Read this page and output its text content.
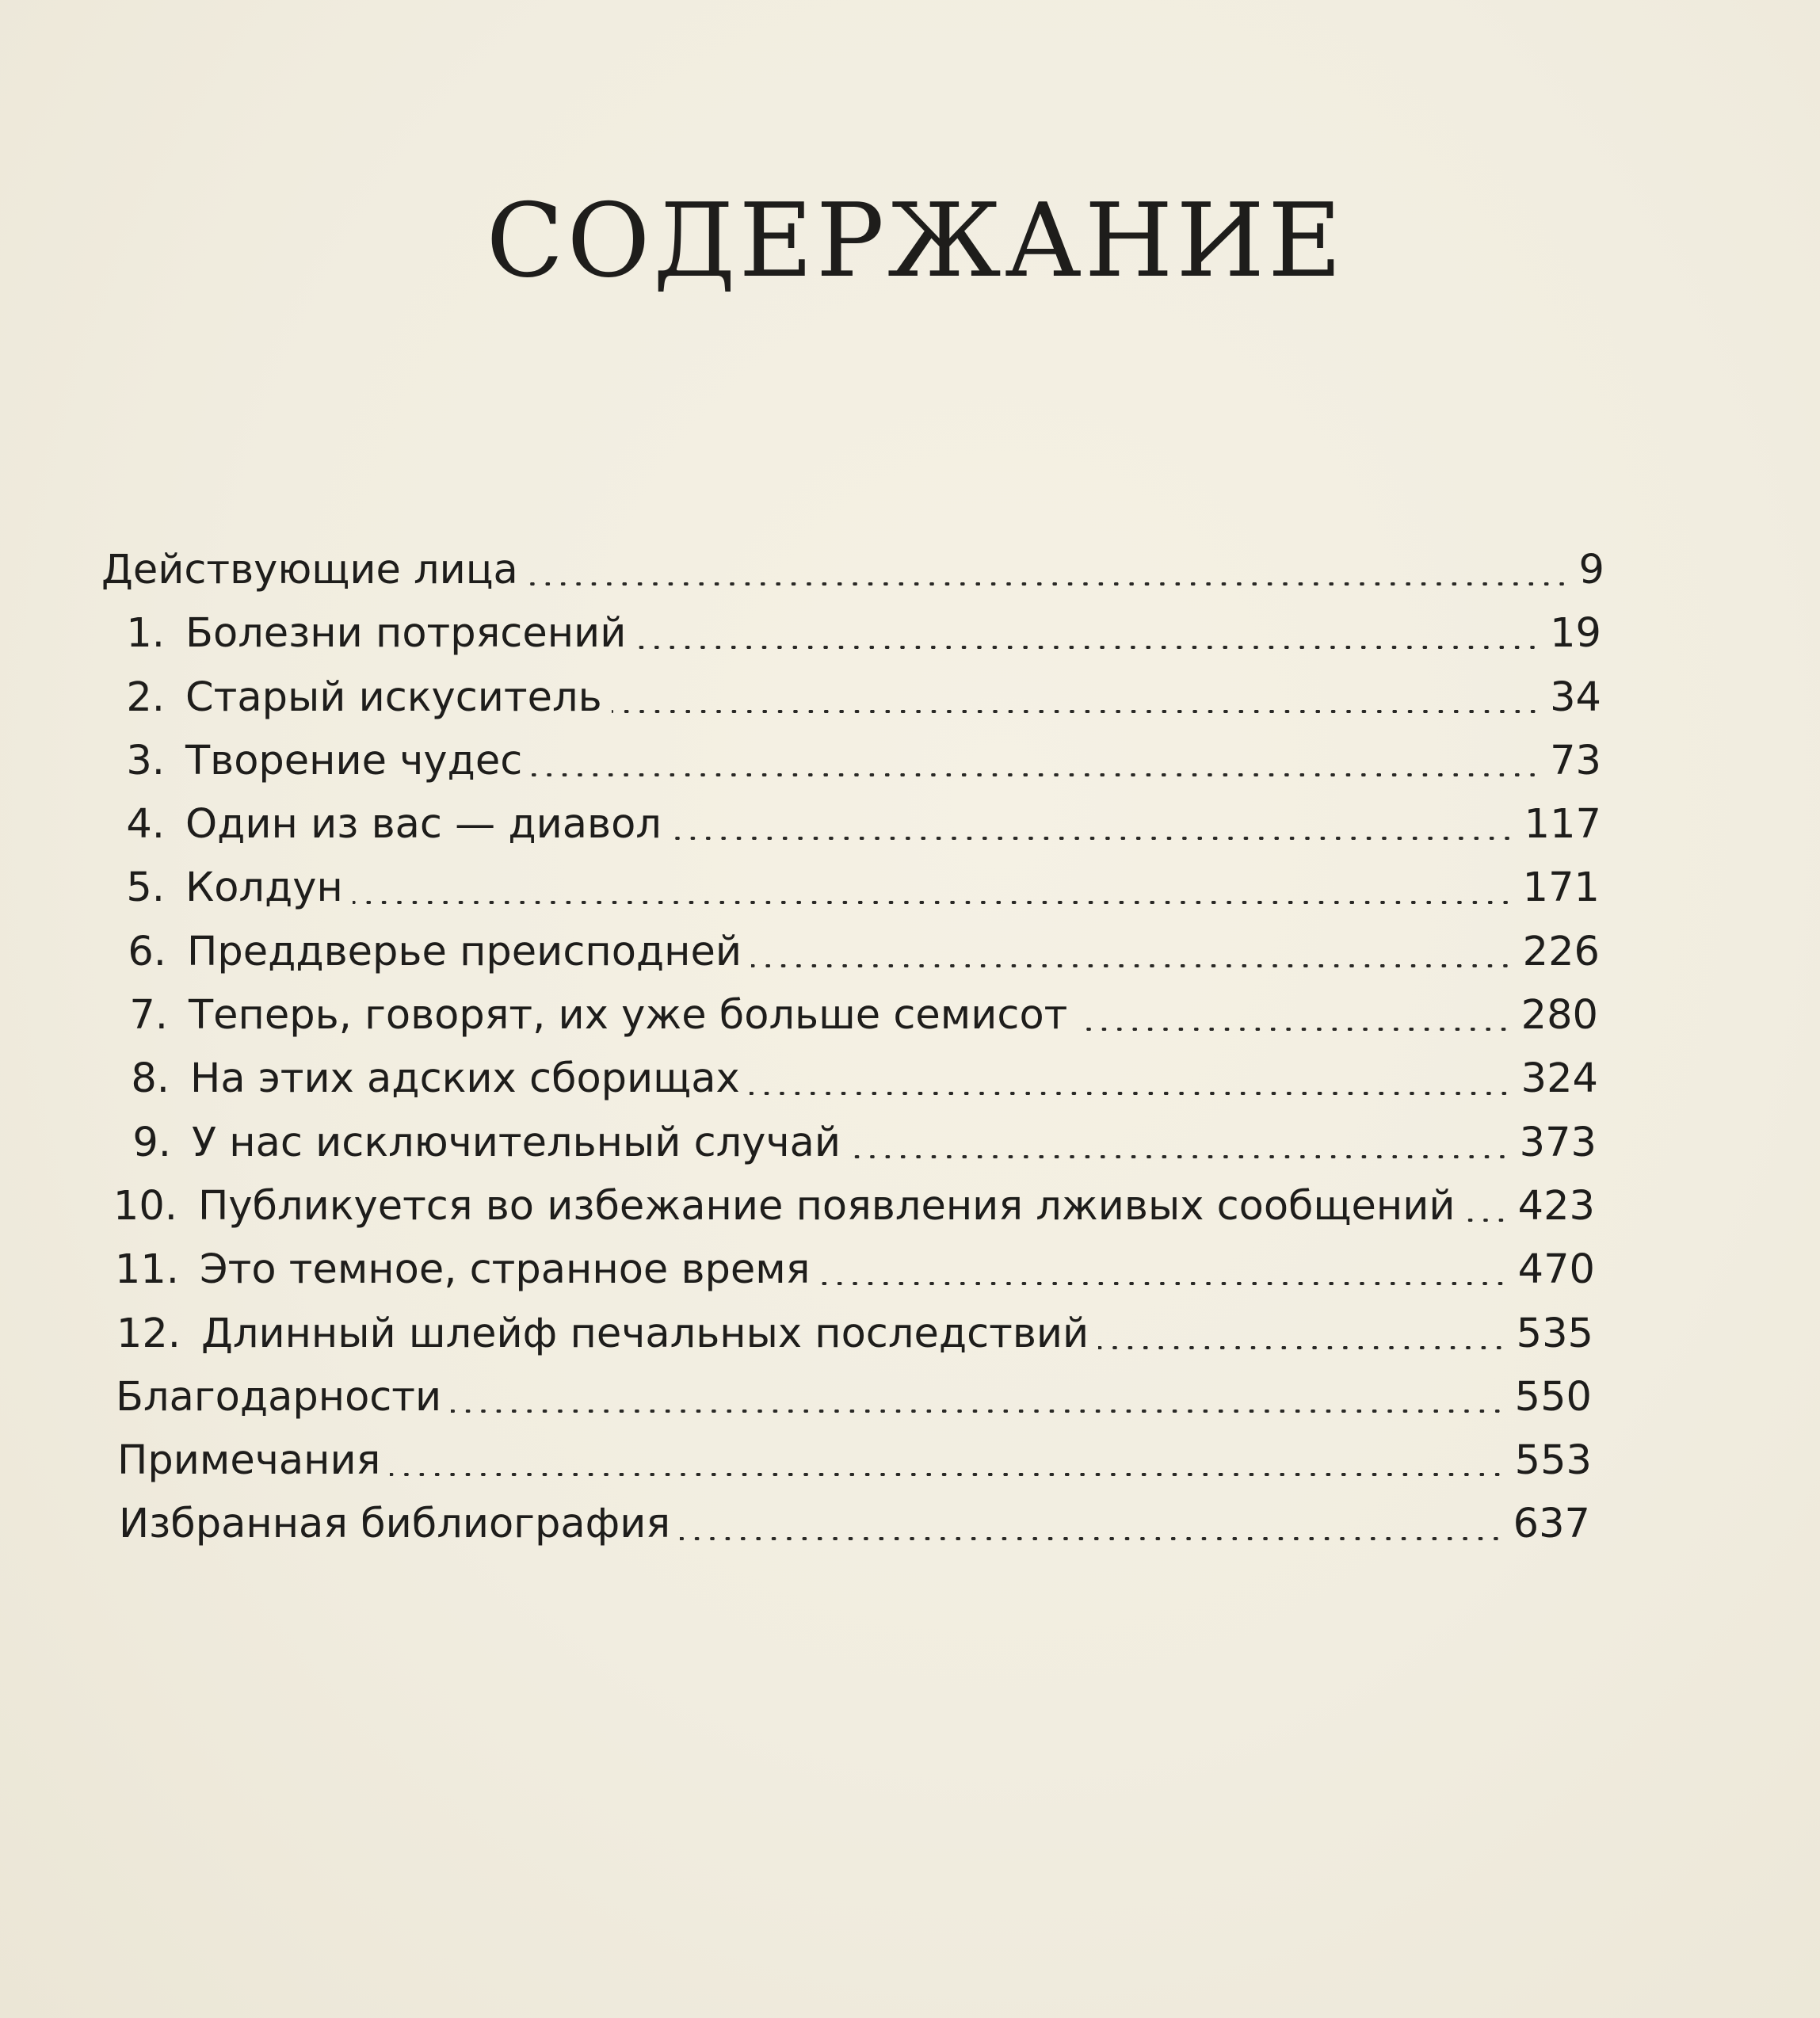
СОДЕРЖАНИЕ
Действующие лица	9
1. Болезни потрясений	19
2. Старый искуситель	34
3. Творение чудес	73
4. Один из вас — диавол	117
5. Колдун	171
6. Преддверье преисподней	226
7. Теперь, говорят, их уже больше семисот	280
8. На этих адских сборищах	324
9. У нас исключительный случай	373
10. Публикуется во избежание появления лживых сообщений 423
11. Это темное, странное время	470
12. Длинный шлейф печальных последствий	535
Благодарности	550
Примечания	553
Избранная библиография	637
